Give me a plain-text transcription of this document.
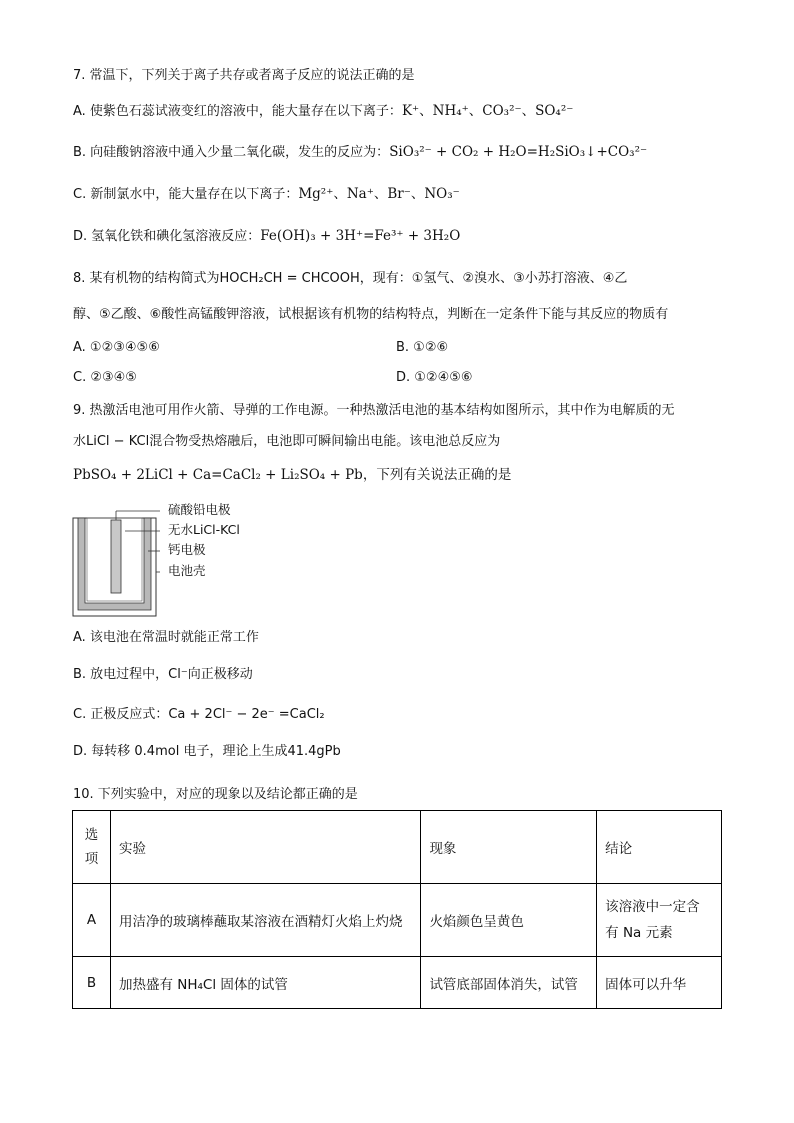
7. 常温下，下列关于离子共存或者离子反应的说法正确的是
A. 使紫色石蕊试液变红的溶液中，能大量存在以下离子：K⁺、NH₄⁺、CO₃²⁻、SO₄²⁻
B. 向硅酸钠溶液中通入少量二氧化碳，发生的反应为：SiO₃²⁻ + CO₂ + H₂O=H₂SiO₃↓+CO₃²⁻
C. 新制氯水中，能大量存在以下离子：Mg²⁺、Na⁺、Br⁻、NO₃⁻
D. 氢氧化铁和碘化氢溶液反应：Fe(OH)₃ + 3H⁺=Fe³⁺ + 3H₂O
8. 某有机物的结构简式为HOCH₂CH = CHCOOH，现有：①氢气、②溴水、③小苏打溶液、④乙
醇、⑤乙酸、⑥酸性高锰酸钾溶液，试根据该有机物的结构特点，判断在一定条件下能与其反应的物质有
A. ①②③④⑤⑥	B. ①②⑥
C. ②③④⑤	D. ①②④⑤⑥
9. 热激活电池可用作火箭、导弹的工作电源。一种热激活电池的基本结构如图所示，其中作为电解质的无
水LiCl − KCl混合物受热熔融后，电池即可瞬间输出电能。该电池总反应为
PbSO₄ + 2LiCl + Ca=CaCl₂ + Li₂SO₄ + Pb，下列有关说法正确的是
硫酸铅电极
无水LiCl-KCl
钙电极
电池壳
A. 该电池在常温时就能正常工作
B. 放电过程中，Cl⁻向正极移动
C. 正极反应式：Ca + 2Cl⁻ − 2e⁻ =CaCl₂
D. 每转移 0.4mol 电子，理论上生成41.4gPb
10. 下列实验中，对应的现象以及结论都正确的是
选项	实验	现象	结论
A	用洁净的玻璃棒蘸取某溶液在酒精灯火焰上灼烧	火焰颜色呈黄色	该溶液中一定含有 Na 元素
B	加热盛有 NH₄Cl 固体的试管	试管底部固体消失，试管	固体可以升华
